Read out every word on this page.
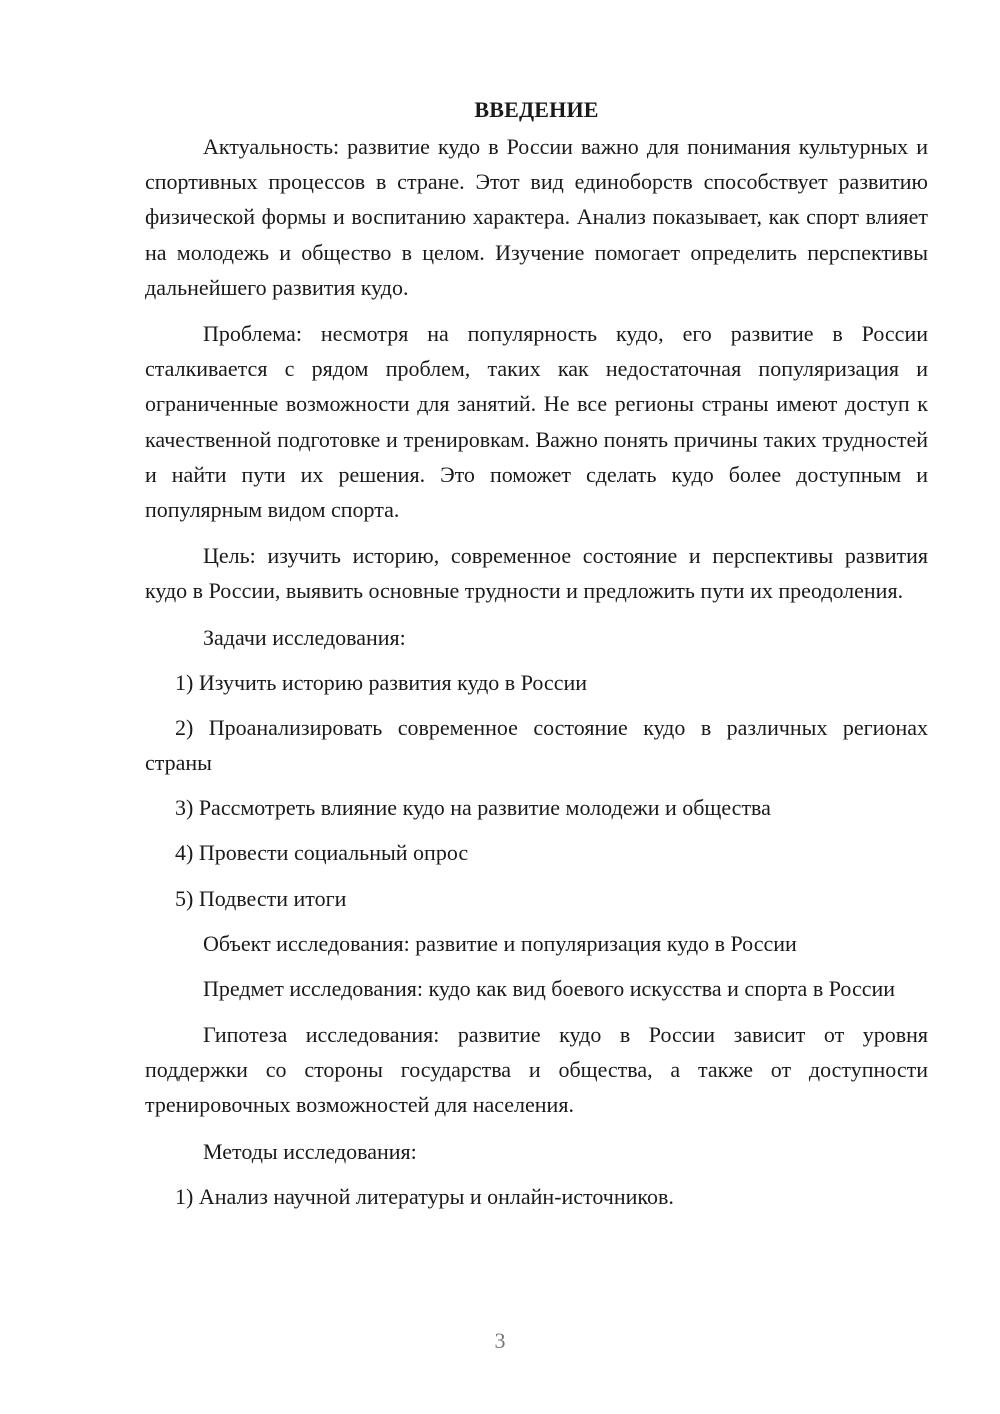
ВВЕДЕНИЕ

Актуальность: развитие кудо в России важно для понимания культурных и спортивных процессов в стране. Этот вид единоборств способствует развитию физической формы и воспитанию характера. Анализ показывает, как спорт влияет на молодежь и общество в целом. Изучение помогает определить перспективы дальнейшего развития кудо.

Проблема: несмотря на популярность кудо, его развитие в России сталкивается с рядом проблем, таких как недостаточная популяризация и ограниченные возможности для занятий. Не все регионы страны имеют доступ к качественной подготовке и тренировкам. Важно понять причины таких трудностей и найти пути их решения. Это поможет сделать кудо более доступным и популярным видом спорта.

Цель: изучить историю, современное состояние и перспективы развития кудо в России, выявить основные трудности и предложить пути их преодоления.

Задачи исследования:
1) Изучить историю развития кудо в России
2) Проанализировать современное состояние кудо в различных регионах страны
3) Рассмотреть влияние кудо на развитие молодежи и общества
4) Провести социальный опрос
5) Подвести итоги
Объект исследования: развитие и популяризация кудо в России

Предмет исследования: кудо как вид боевого искусства и спорта в России

Гипотеза исследования: развитие кудо в России зависит от уровня поддержки со стороны государства и общества, а также от доступности тренировочных возможностей для населения.

Методы исследования:
1) Анализ научной литературы и онлайн-источников.
3
